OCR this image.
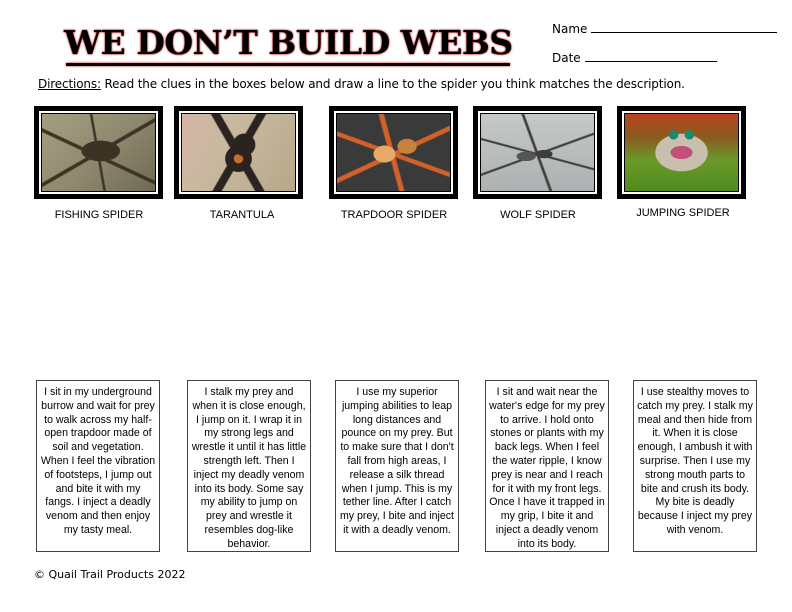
WE DON’T BUILD WEBS	Name
Date
Directions: Read the clues in the boxes below and draw a line to the spider you think matches the description.
FISHING SPIDER	TARANTULA	TRAPDOOR SPIDER	WOLF SPIDER	JUMPING SPIDER
I sit in my underground burrow and wait for prey to walk across my half-open trapdoor made of soil and vegetation. When I feel the vibration of footsteps, I jump out and bite it with my fangs. I inject a deadly venom and then enjoy my tasty meal.
I stalk my prey and when it is close enough, I jump on it. I wrap it in my strong legs and wrestle it until it has little strength left. Then I inject my deadly venom into its body. Some say my ability to jump on prey and wrestle it resembles dog-like behavior.
I use my superior jumping abilities to leap long distances and pounce on my prey. But to make sure that I don't fall from high areas, I release a silk thread when I jump. This is my tether line. After I catch my prey, I bite and inject it with a deadly venom.
I sit and wait near the water's edge for my prey to arrive. I hold onto stones or plants with my back legs. When I feel the water ripple, I know prey is near and I reach for it with my front legs. Once I have it trapped in my grip, I bite it and inject a deadly venom into its body.
I use stealthy moves to catch my prey. I stalk my meal and then hide from it. When it is close enough, I ambush it with surprise. Then I use my strong mouth parts to bite and crush its body. My bite is deadly because I inject my prey with venom.
© Quail Trail Products 2022
